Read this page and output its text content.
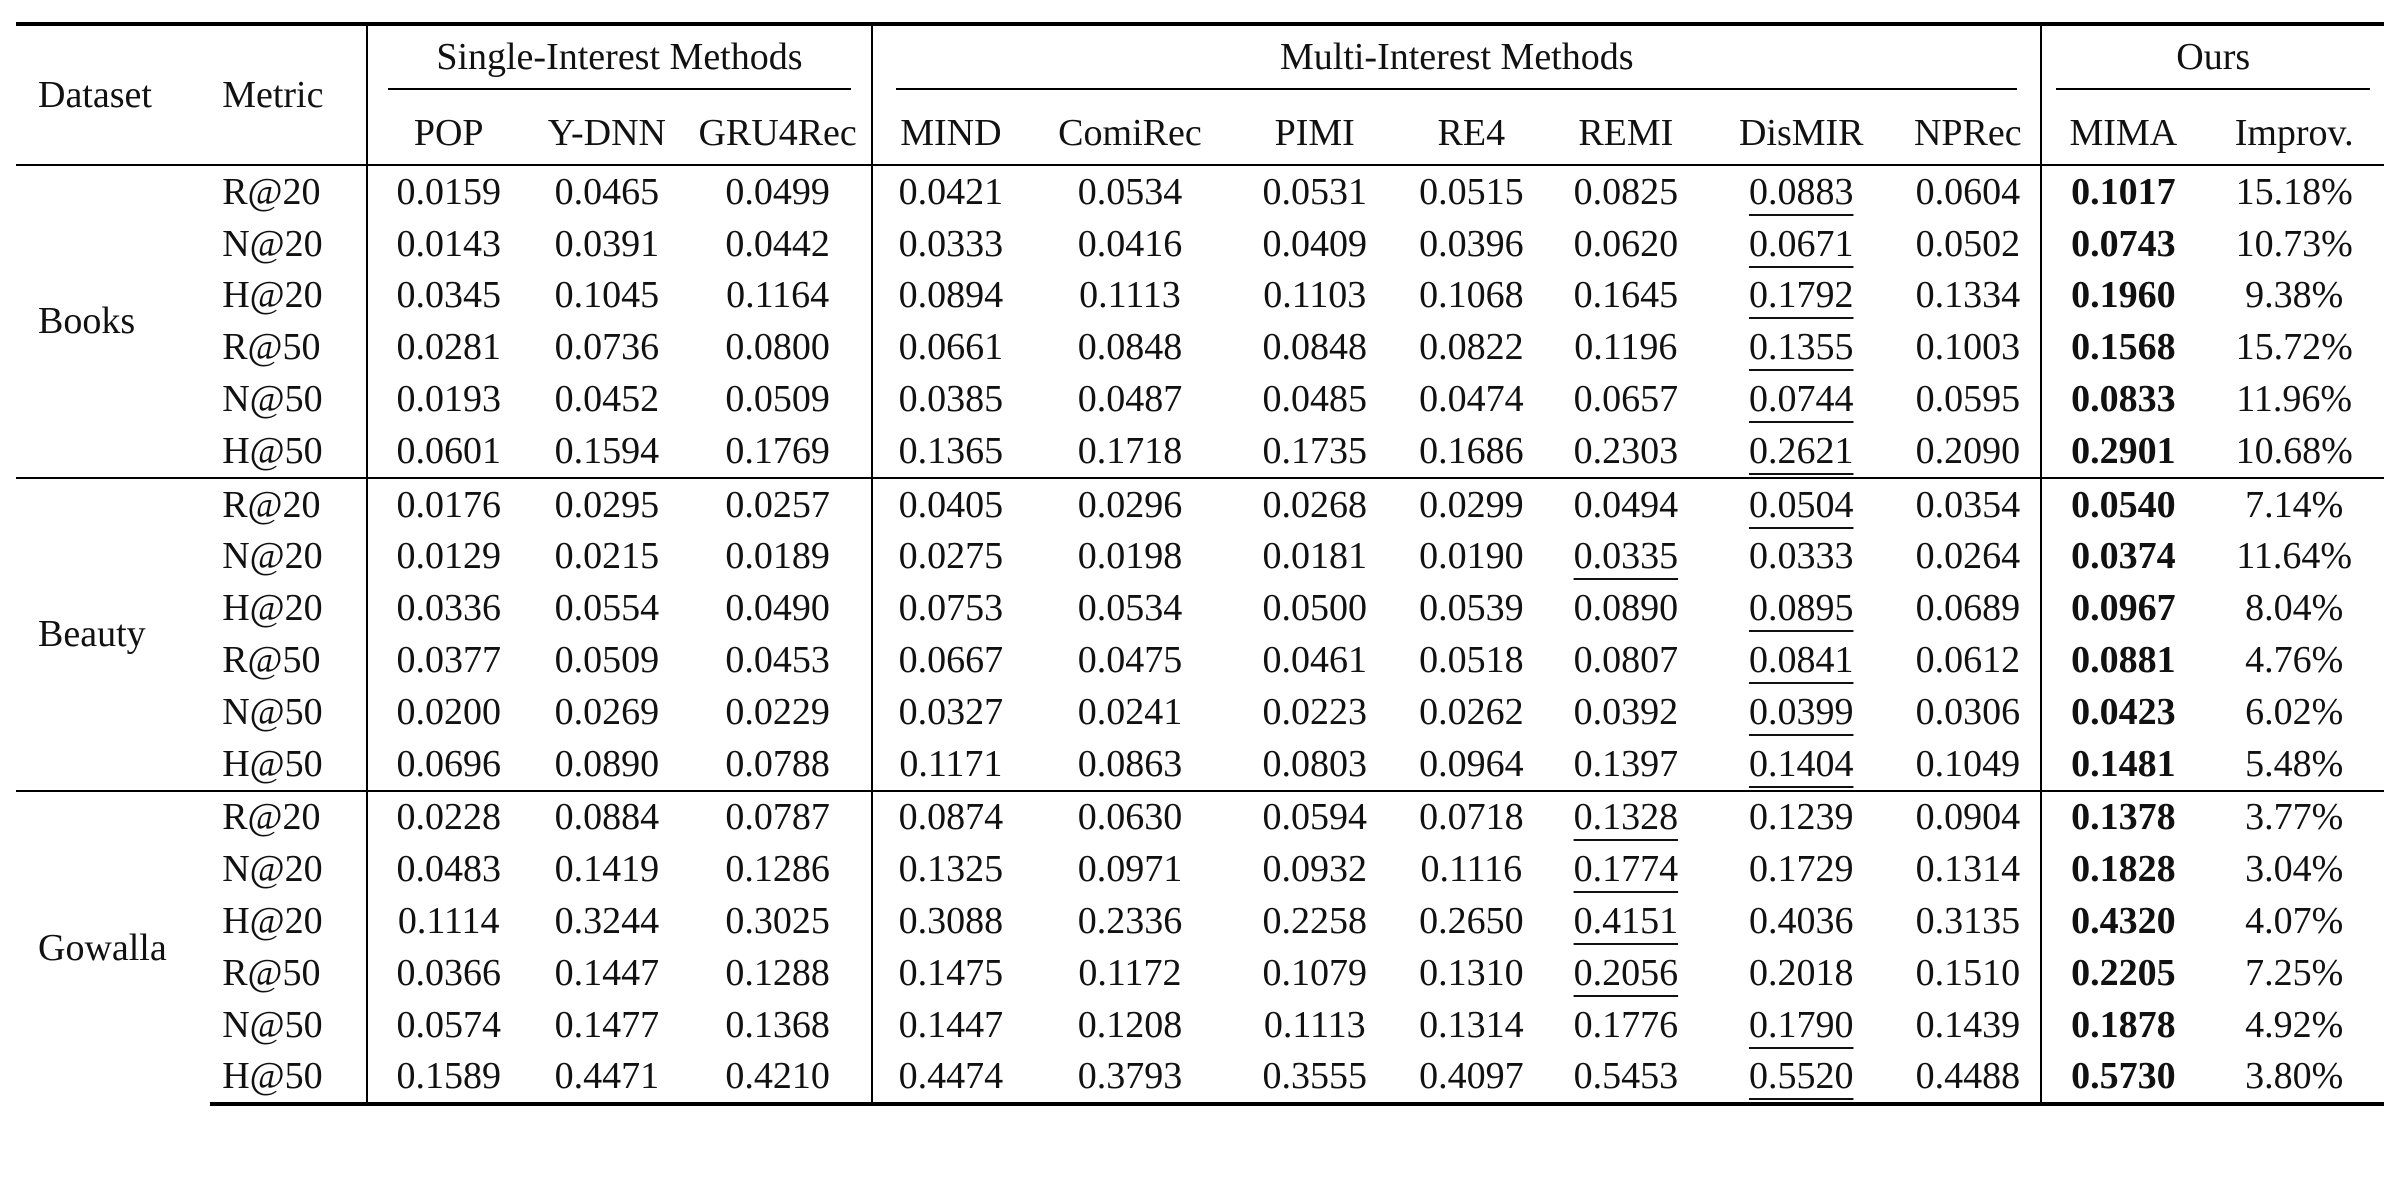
Dataset	Metric	Single-Interest Methods			Multi-Interest Methods							Ours	
		POP	Y-DNN	GRU4Rec	MIND	ComiRec	PIMI	RE4	REMI	DisMIR	NPRec	MIMA	Improv.
Books	R@20	0.0159	0.0465	0.0499	0.0421	0.0534	0.0531	0.0515	0.0825	0.0883	0.0604	0.1017	15.18%
	N@20	0.0143	0.0391	0.0442	0.0333	0.0416	0.0409	0.0396	0.0620	0.0671	0.0502	0.0743	10.73%
	H@20	0.0345	0.1045	0.1164	0.0894	0.1113	0.1103	0.1068	0.1645	0.1792	0.1334	0.1960	9.38%
	R@50	0.0281	0.0736	0.0800	0.0661	0.0848	0.0848	0.0822	0.1196	0.1355	0.1003	0.1568	15.72%
	N@50	0.0193	0.0452	0.0509	0.0385	0.0487	0.0485	0.0474	0.0657	0.0744	0.0595	0.0833	11.96%
	H@50	0.0601	0.1594	0.1769	0.1365	0.1718	0.1735	0.1686	0.2303	0.2621	0.2090	0.2901	10.68%
Beauty	R@20	0.0176	0.0295	0.0257	0.0405	0.0296	0.0268	0.0299	0.0494	0.0504	0.0354	0.0540	7.14%
	N@20	0.0129	0.0215	0.0189	0.0275	0.0198	0.0181	0.0190	0.0335	0.0333	0.0264	0.0374	11.64%
	H@20	0.0336	0.0554	0.0490	0.0753	0.0534	0.0500	0.0539	0.0890	0.0895	0.0689	0.0967	8.04%
	R@50	0.0377	0.0509	0.0453	0.0667	0.0475	0.0461	0.0518	0.0807	0.0841	0.0612	0.0881	4.76%
	N@50	0.0200	0.0269	0.0229	0.0327	0.0241	0.0223	0.0262	0.0392	0.0399	0.0306	0.0423	6.02%
	H@50	0.0696	0.0890	0.0788	0.1171	0.0863	0.0803	0.0964	0.1397	0.1404	0.1049	0.1481	5.48%
Gowalla	R@20	0.0228	0.0884	0.0787	0.0874	0.0630	0.0594	0.0718	0.1328	0.1239	0.0904	0.1378	3.77%
	N@20	0.0483	0.1419	0.1286	0.1325	0.0971	0.0932	0.1116	0.1774	0.1729	0.1314	0.1828	3.04%
	H@20	0.1114	0.3244	0.3025	0.3088	0.2336	0.2258	0.2650	0.4151	0.4036	0.3135	0.4320	4.07%
	R@50	0.0366	0.1447	0.1288	0.1475	0.1172	0.1079	0.1310	0.2056	0.2018	0.1510	0.2205	7.25%
	N@50	0.0574	0.1477	0.1368	0.1447	0.1208	0.1113	0.1314	0.1776	0.1790	0.1439	0.1878	4.92%
	H@50	0.1589	0.4471	0.4210	0.4474	0.3793	0.3555	0.4097	0.5453	0.5520	0.4488	0.5730	3.80%
